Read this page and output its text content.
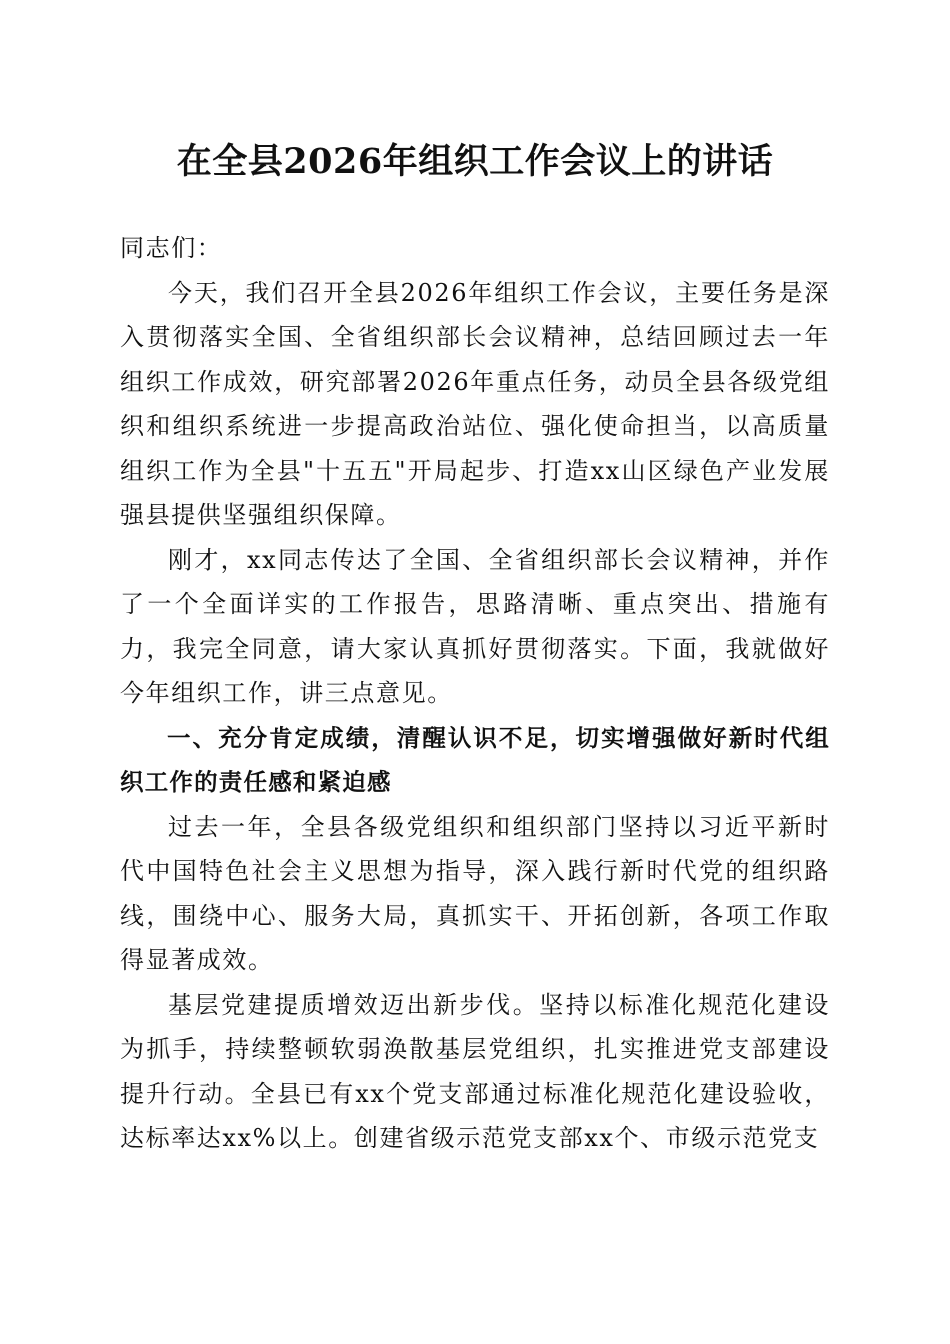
在全县2026年组织工作会议上的讲话

同志们：

今天，我们召开全县2026年组织工作会议，主要任务是深入贯彻落实全国、全省组织部长会议精神，总结回顾过去一年组织工作成效，研究部署2026年重点任务，动员全县各级党组织和组织系统进一步提高政治站位、强化使命担当，以高质量组织工作为全县"十五五"开局起步、打造xx山区绿色产业发展强县提供坚强组织保障。

刚才，xx同志传达了全国、全省组织部长会议精神，并作了一个全面详实的工作报告，思路清晰、重点突出、措施有力，我完全同意，请大家认真抓好贯彻落实。下面，我就做好今年组织工作，讲三点意见。

一、充分肯定成绩，清醒认识不足，切实增强做好新时代组织工作的责任感和紧迫感

过去一年，全县各级党组织和组织部门坚持以习近平新时代中国特色社会主义思想为指导，深入践行新时代党的组织路线，围绕中心、服务大局，真抓实干、开拓创新，各项工作取得显著成效。

基层党建提质增效迈出新步伐。坚持以标准化规范化建设为抓手，持续整顿软弱涣散基层党组织，扎实推进党支部建设提升行动。全县已有xx个党支部通过标准化规范化建设验收，达标率达xx%以上。创建省级示范党支部xx个、市级示范党支
